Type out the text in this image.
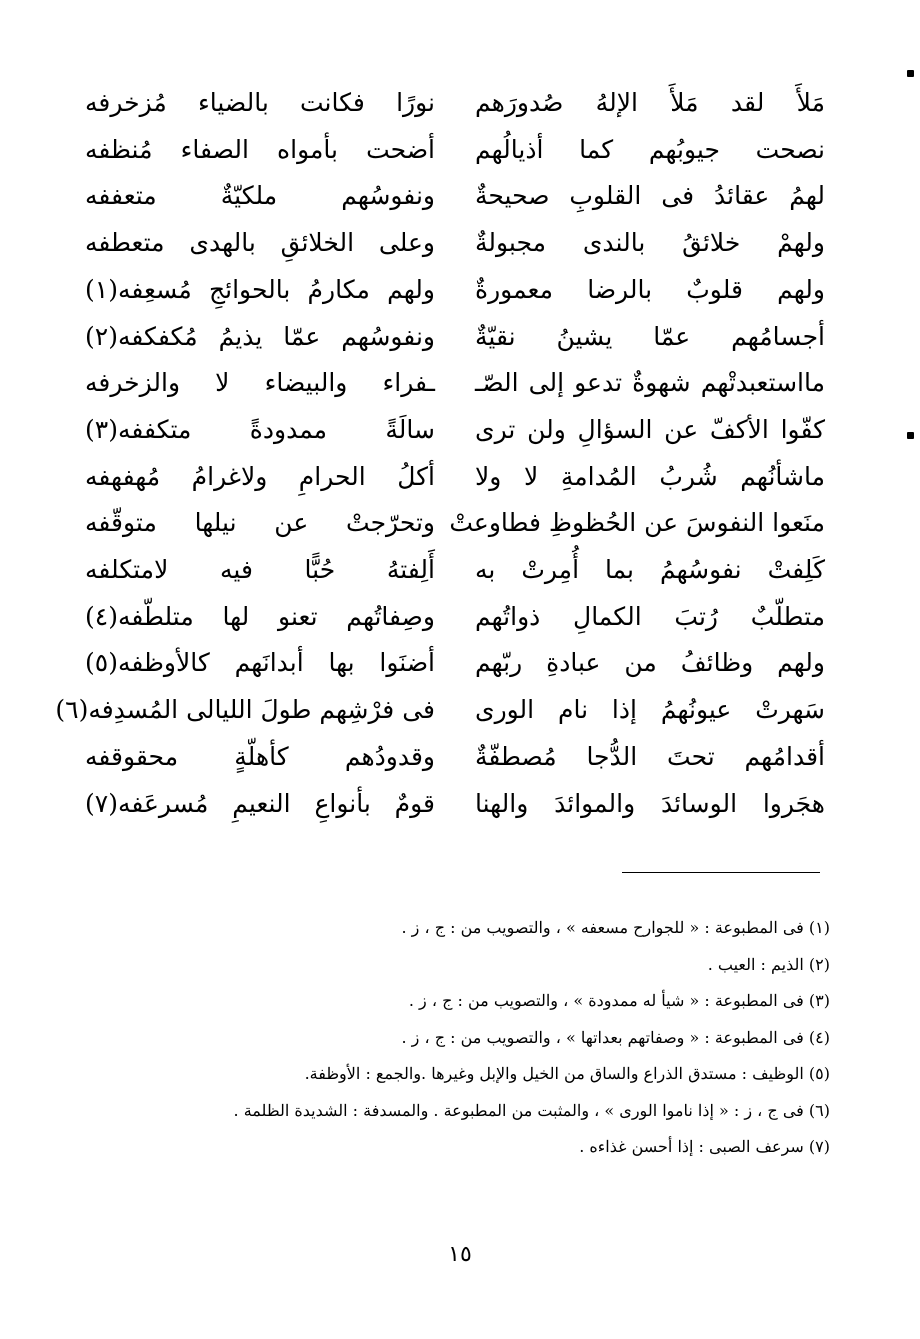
مَلأَ لقد مَلأَ الإلهُ صُدورَهم
نورًا فكانت بالضياء مُزخرفه
نصحت جيوبُهم كما أذيالُهم
أضحت بأمواه الصفاء مُنظفه
لهمُ عقائدُ فى القلوبِ صحيحةٌ
ونفوسُهم ملكيّةٌ متعففه
ولهمْ خلائقُ بالندى مجبولةٌ
وعلى الخلائقِ بالهدى متعطفه
ولهم قلوبٌ بالرضا معمورةٌ
ولهم مكارمُ بالحوائجِ مُسعِفه(١)
أجسامُهم عمّا يشينُ نقيّةٌ
ونفوسُهم عمّا يذيمُ مُكفكفه(٢)
مااستعبدتْهم شهوةٌ تدعو إلى الصّـ
ـفراء والبيضاء لا والزخرفه
كفّوا الأكفّ عن السؤالِ ولن ترى
سالَةً ممدودةً متكففه(٣)
ماشأنُهم شُربُ المُدامةِ لا ولا
أكلُ الحرامِ ولاغرامُ مُهفهفه
منَعوا النفوسَ عن الحُظوظِ فطاوعتْ
وتحرّجتْ عن نيلها متوقّفه
كَلِفتْ نفوسُهمُ بما أُمِرتْ به
أَلِفتهُ حُبًّا فيه لامتكلفه
متطلّبٌ رُتبَ الكمالِ ذواتُهم
وصِفاتُهم تعنو لها متلطّفه(٤)
ولهم وظائفُ من عبادةِ ربّهم
أضنَوا بها أبدانَهم كالأوظفه(٥)
سَهرتْ عيونُهمُ إذا نام الورى
فى فرْشِهم طولَ الليالى المُسدِفه(٦)
أقدامُهم تحتَ الدُّجا مُصطفّةٌ
وقدودُهم كأهلّةٍ محقوقفه
هجَروا الوسائدَ والموائدَ والهنا
قومٌ بأنواعِ النعيمِ مُسرعَفه(٧)
(١) فى المطبوعة : « للجوارح مسعفه » ، والتصويب من : ج ، ز .
(٢) الذيم : العيب .
(٣) فى المطبوعة : « شيأ له ممدودة » ، والتصويب من : ج ، ز .
(٤) فى المطبوعة : « وصفاتهم بعداتها » ، والتصويب من : ج ، ز .
(٥) الوظيف : مستدق الذراع والساق من الخيل والإبل وغيرها .والجمع : الأوظفة.
(٦) فى ج ، ز : « إذا ناموا الورى » ، والمثبت من المطبوعة . والمسدفة : الشديدة الظلمة .
(٧) سرعف الصبى : إذا أحسن غذاءه .
١٥
